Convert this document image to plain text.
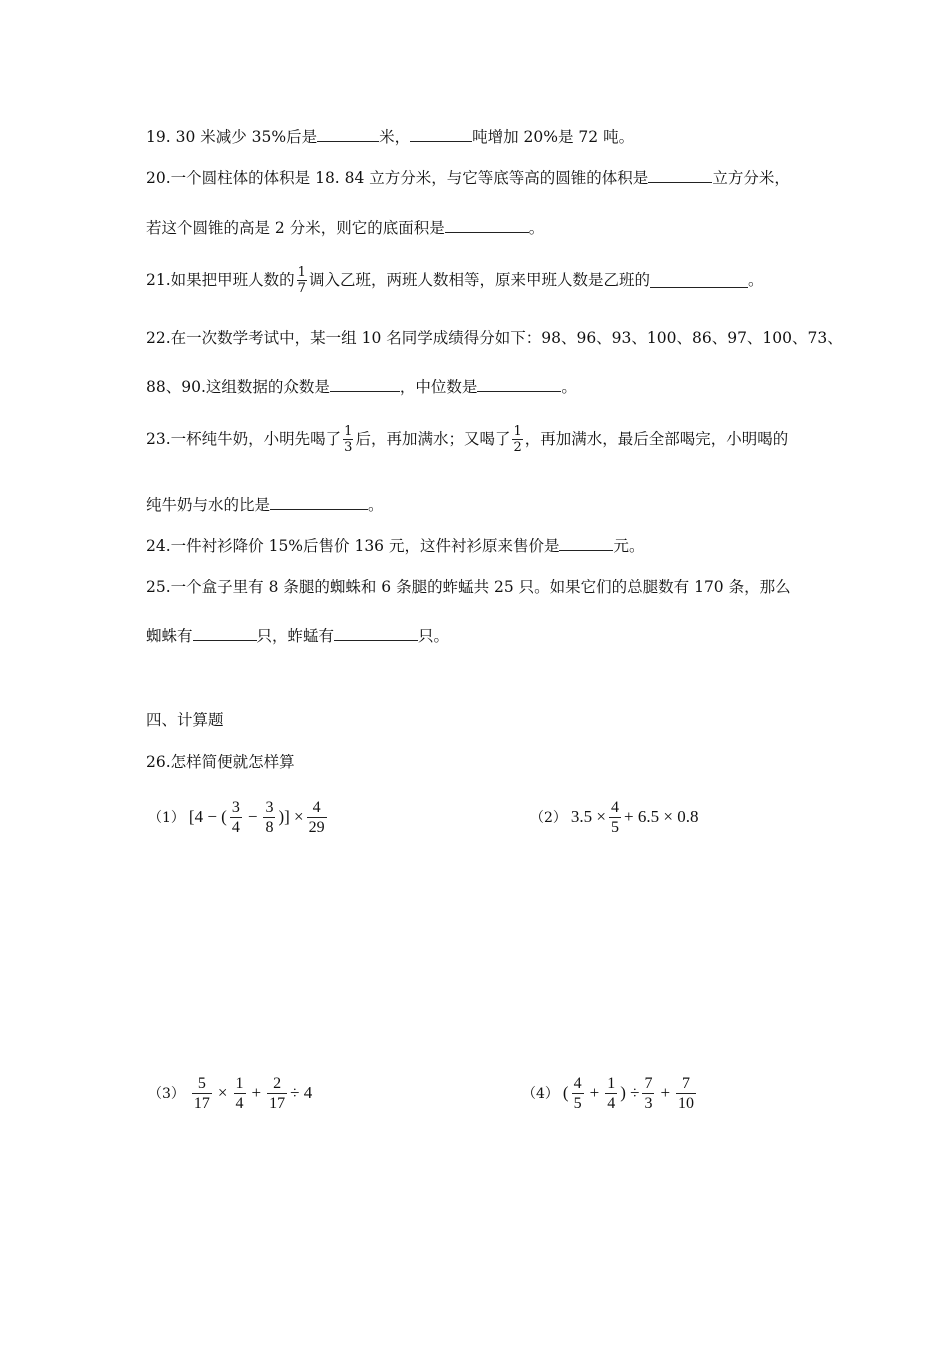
19. 30 米减少 35%后是	米，	吨增加 20%是 72 吨。
20.一个圆柱体的体积是 18. 84 立方分米，与它等底等高的圆锥的体积是	立方分米，
若这个圆锥的高是 2 分米，则它的底面积是	。
21.如果把甲班人数的 $\frac{1}{7}$ 调入乙班，两班人数相等，原来甲班人数是乙班的	。
22.在一次数学考试中，某一组 10 名同学成绩得分如下：98、96、93、100、86、97、100、73、
88、90.这组数据的众数是	，中位数是	。
23.一杯纯牛奶，小明先喝了 $\frac{1}{3}$ 后，再加满水；又喝了 $\frac{1}{2}$ ，再加满水，最后全部喝完，小明喝的
纯牛奶与水的比是	。
24.一件衬衫降价 15%后售价 136 元，这件衬衫原来售价是	元。
25.一个盒子里有 8 条腿的蜘蛛和 6 条腿的蚱蜢共 25 只。如果它们的总腿数有 170 条，那么
蜘蛛有	只，蚱蜢有	只。
四、计算题
26.怎样简便就怎样算
（1） [4 − ( $\frac{3}{4} - \frac{3}{8}$ )] × $\frac{4}{29}$	（2） $3.5 \times \frac{4}{5} + 6.5 \times 0.8$
$(3) \frac{5}{17} \times \frac{1}{4} + \frac{2}{17} \div 4$	（4） ( $\frac{4}{5} + \frac{1}{4}$ ) ÷ $\frac{7}{3} + \frac{7}{10}$
